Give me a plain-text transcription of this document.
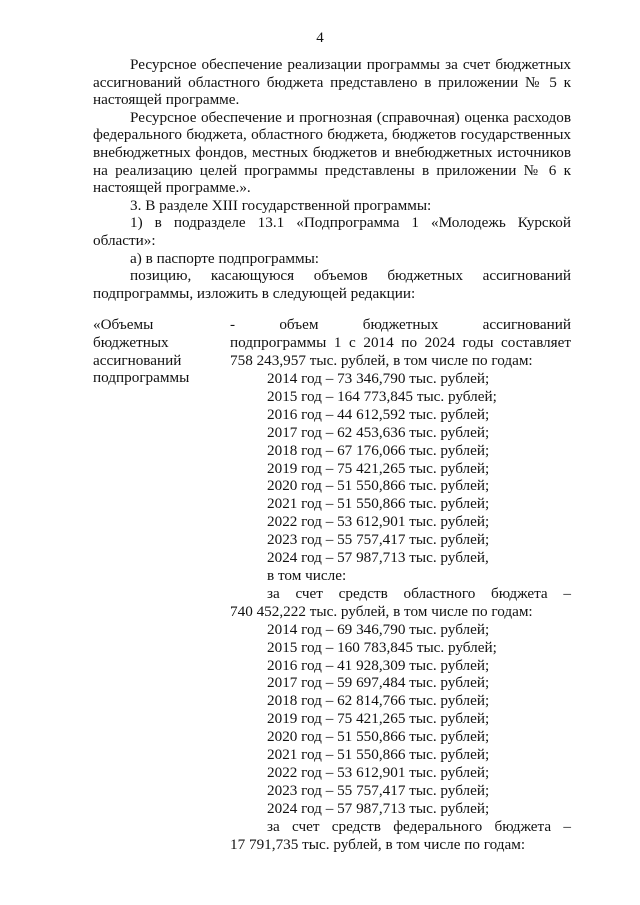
4

Ресурсное обеспечение реализации программы за счет бюджетных ассигнований областного бюджета представлено в приложении № 5 к настоящей программе.

Ресурсное обеспечение и прогнозная (справочная) оценка расходов федерального бюджета, областного бюджета, бюджетов государственных внебюджетных фондов, местных бюджетов и внебюджетных источников на реализацию целей программы представлены в приложении № 6 к настоящей программе.».

3. В разделе XIII государственной программы:

1) в подразделе 13.1 «Подпрограмма 1 «Молодежь Курской

области»:

а) в паспорте подпрограммы:

позицию, касающуюся объемов бюджетных ассигнований

подпрограммы, изложить в следующей редакции:

«Объемы
бюджетных
ассигнований
подпрограммы
- объем бюджетных ассигнований
подпрограммы 1 с 2014 по 2024 годы составляет
758 243,957 тыс. рублей, в том числе по годам:
2014 год – 73 346,790 тыс. рублей;
2015 год – 164 773,845 тыс. рублей;
2016 год – 44 612,592 тыс. рублей;
2017 год – 62 453,636 тыс. рублей;
2018 год – 67 176,066 тыс. рублей;
2019 год – 75 421,265 тыс. рублей;
2020 год – 51 550,866 тыс. рублей;
2021 год – 51 550,866 тыс. рублей;
2022 год – 53 612,901 тыс. рублей;
2023 год – 55 757,417 тыс. рублей;
2024 год – 57 987,713 тыс. рублей,
в том числе:
за счет средств областного бюджета –
740 452,222 тыс. рублей, в том числе по годам:
2014 год – 69 346,790 тыс. рублей;
2015 год – 160 783,845 тыс. рублей;
2016 год – 41 928,309 тыс. рублей;
2017 год – 59 697,484 тыс. рублей;
2018 год – 62 814,766 тыс. рублей;
2019 год – 75 421,265 тыс. рублей;
2020 год – 51 550,866 тыс. рублей;
2021 год – 51 550,866 тыс. рублей;
2022 год – 53 612,901 тыс. рублей;
2023 год – 55 757,417 тыс. рублей;
2024 год – 57 987,713 тыс. рублей;
за счет средств федерального бюджета –
17 791,735 тыс. рублей, в том числе по годам:
